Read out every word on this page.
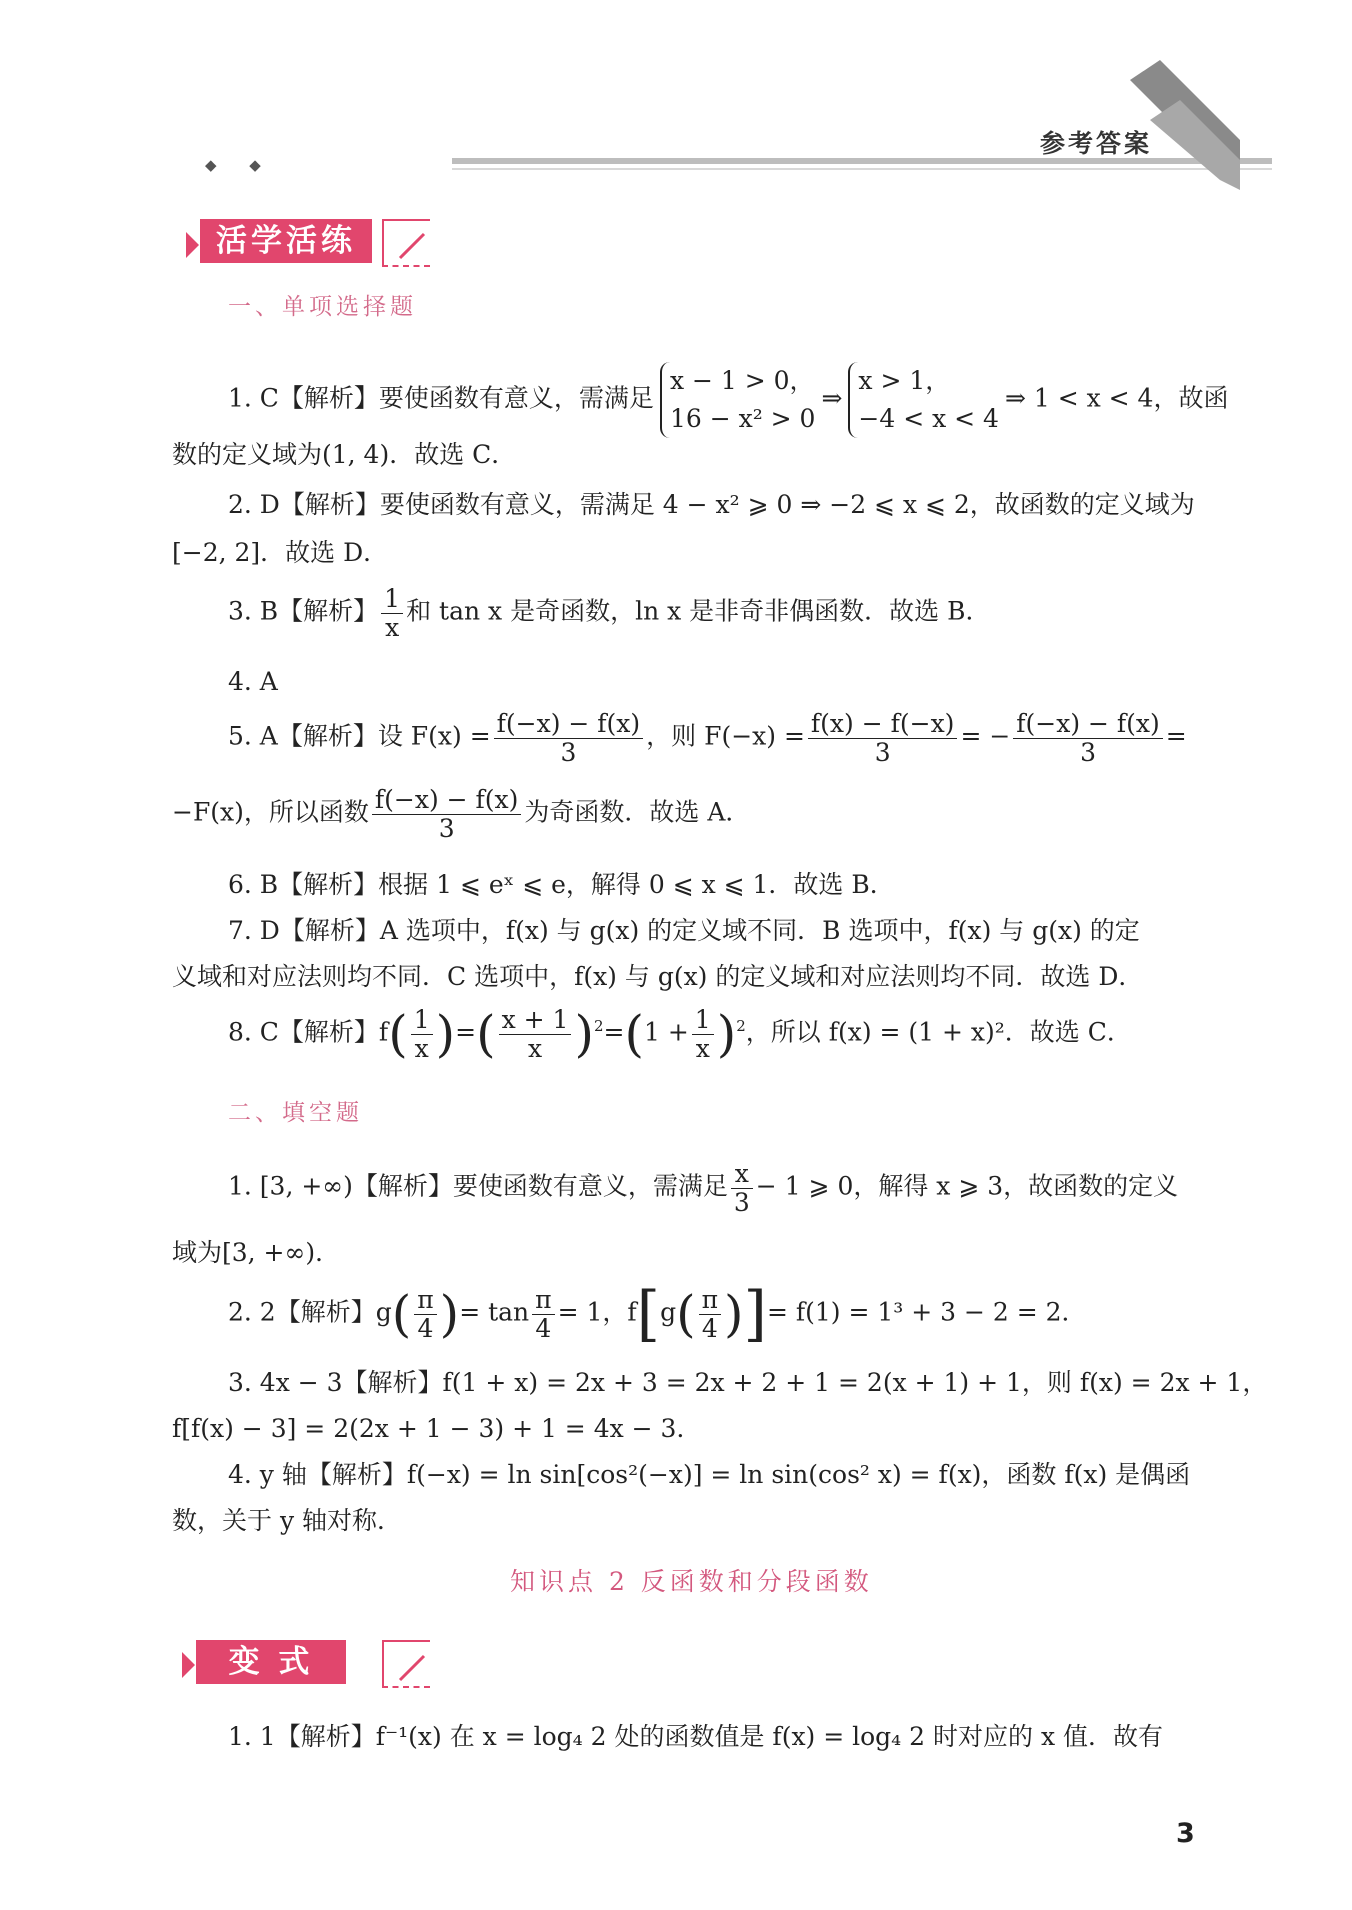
◆ ◆
参考答案
活学活练
一、单项选择题
1. C【解析】要使函数有意义，需满足
x − 1 > 0，
16 − x² > 0
⇒
x > 1，
−4 < x < 4
⇒ 1 < x < 4，故函
数的定义域为(1, 4)．故选 C．
2. D【解析】要使函数有意义，需满足 4 − x² ⩾ 0 ⇒ −2 ⩽ x ⩽ 2，故函数的定义域为
[−2, 2]．故选 D．
3. B【解析】 $\frac{1}{x}$ 和 tan x 是奇函数，ln x 是非奇非偶函数．故选 B．
4. A
5. A【解析】设 $F(x) = \frac{f(-x) - f(x)}{3}$ ，则 $F(-x) = \frac{f(x) - f(-x)}{3}$ = − $\frac{f(-x) - f(x)}{3}$ =
−F(x)，所以函数 $\frac{f(-x) - f(x)}{3}$ 为奇函数．故选 A．
6. B【解析】根据 1 ⩽ eˣ ⩽ e，解得 0 ⩽ x ⩽ 1．故选 B．
7. D【解析】A 选项中，f(x) 与 g(x) 的定义域不同．B 选项中，f(x) 与 g(x) 的定
义域和对应法则均不同．C 选项中，f(x) 与 g(x) 的定义域和对应法则均不同．故选 D．
8. C【解析】$f( \frac{1}{x}$ )=( $\frac{x + 1}{x} )^2=(1 + \frac{1}{x} )^2$，所以 f(x) = (1 + x)²．故选 C．
二、填空题
1. [3, +∞)【解析】要使函数有意义，需满足 $\frac{x}{3} - 1$ ⩾ 0，解得 x ⩾ 3，故函数的定义
域为[3, +∞)．
2. 2【解析】$g( \frac{\pi}{4}$ )= $\tan \frac{\pi}{4} = 1$，$f[g( \frac{\pi}{4}$ )]= f(1) = 1³ + 3 − 2 = 2．
3. 4x − 3【解析】f(1 + x) = 2x + 3 = 2x + 2 + 1 = 2(x + 1) + 1，则 f(x) = 2x + 1，
f[f(x) − 3] = 2(2x + 1 − 3) + 1 = 4x − 3．
4. y 轴【解析】f(−x) = ln sin[cos²(−x)] = ln sin(cos² x) = f(x)，函数 f(x) 是偶函
数，关于 y 轴对称．
知识点 2 反函数和分段函数
变 式
1. 1【解析】f⁻¹(x) 在 x = log₄ 2 处的函数值是 f(x) = log₄ 2 时对应的 x 值．故有
3
